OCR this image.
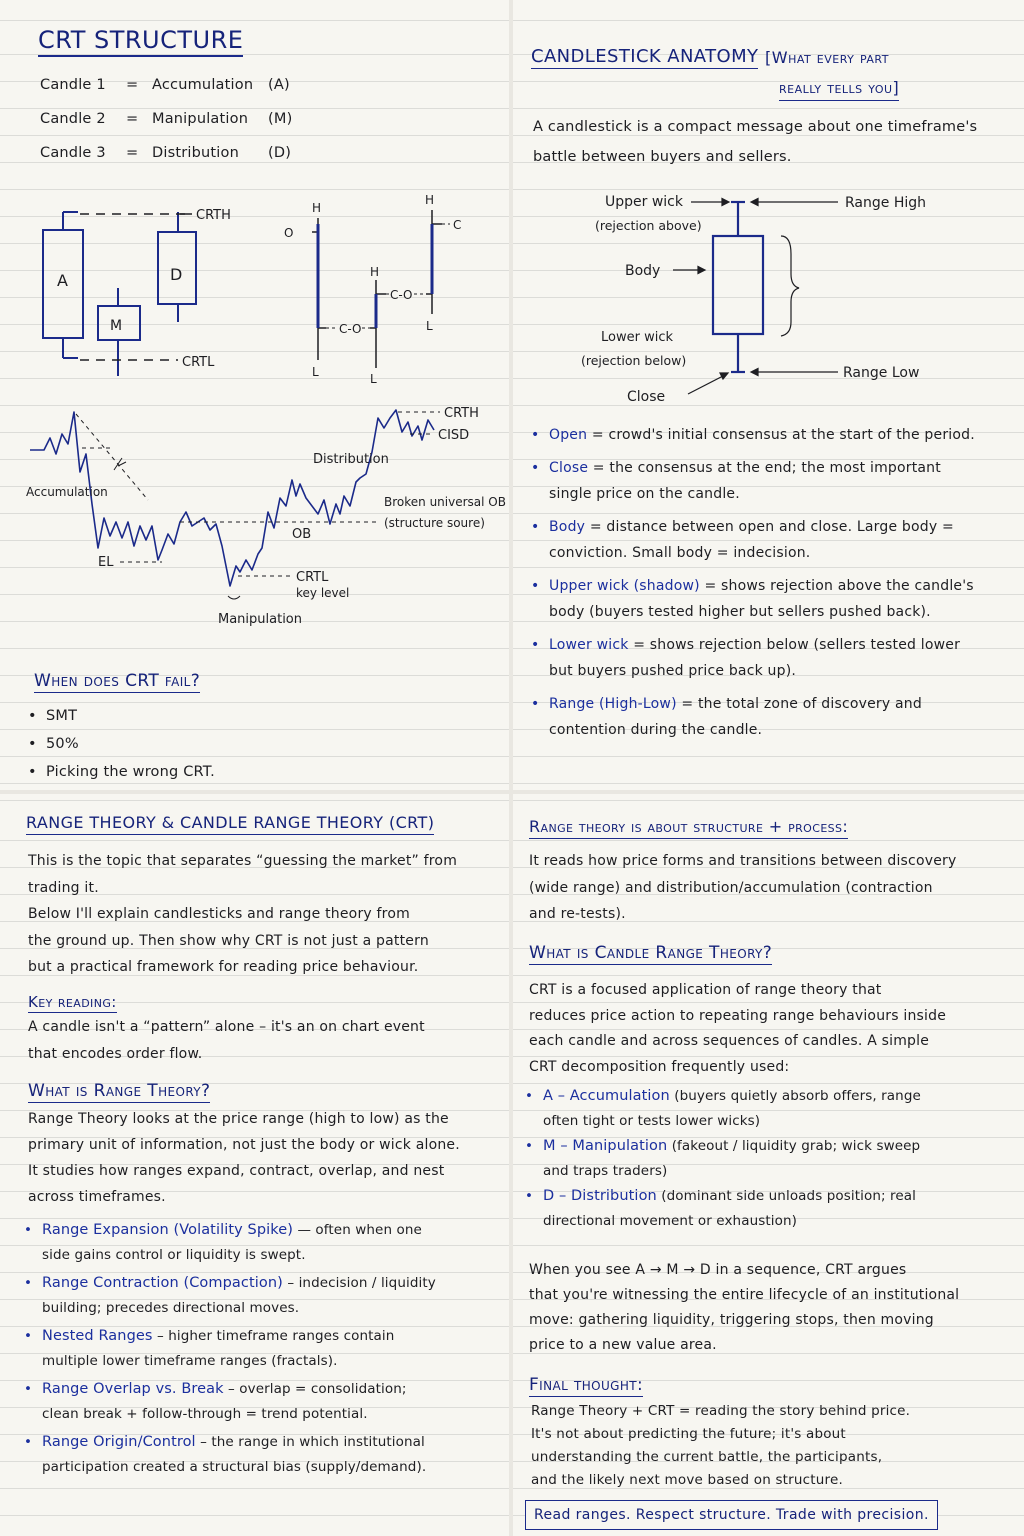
CRT STRUCTURE
Candle 1	= Accumulation	(A)
Candle 2	= Manipulation	(M)
Candle 3	= Distribution	(D)
A
M
D
CRTH
CRTL
H
O
L
C-O
H
L
C-O
H
C
L
Accumulation
Distribution
EL
OB
CRTH
CISD
Broken universal OB
(structure soure)
CRTL
key level
Manipulation
When does CRT fail?
• SMT
• 50%
• Picking the wrong CRT.
CANDLESTICK ANATOMY [What every part
really tells you]
A candlestick is a compact message about one timeframe's
battle between buyers and sellers.
Upper wick
(rejection above)
Body
Lower wick
(rejection below)
Close
Range High
Range Low
• Open = crowd's initial consensus at the start of the period.
• Close = the consensus at the end; the most important
single price on the candle.
• Body = distance between open and close. Large body =
conviction. Small body = indecision.
• Upper wick (shadow) = shows rejection above the candle's
body (buyers tested higher but sellers pushed back).
• Lower wick = shows rejection below (sellers tested lower
but buyers pushed price back up).
• Range (High-Low) = the total zone of discovery and
contention during the candle.
RANGE THEORY & CANDLE RANGE THEORY (CRT)
This is the topic that separates “guessing the market” from
trading it.
Below I'll explain candlesticks and range theory from
the ground up. Then show why CRT is not just a pattern
but a practical framework for reading price behaviour.
Key reading:
A candle isn't a “pattern” alone – it's an on chart event
that encodes order flow.
What is Range Theory?
Range Theory looks at the price range (high to low) as the
primary unit of information, not just the body or wick alone.
It studies how ranges expand, contract, overlap, and nest
across timeframes.
• Range Expansion (Volatility Spike) — often when one
side gains control or liquidity is swept.
• Range Contraction (Compaction) – indecision / liquidity
building; precedes directional moves.
• Nested Ranges – higher timeframe ranges contain
multiple lower timeframe ranges (fractals).
• Range Overlap vs. Break – overlap = consolidation;
clean break + follow-through = trend potential.
• Range Origin/Control – the range in which institutional
participation created a structural bias (supply/demand).
Range theory is about structure + process:
It reads how price forms and transitions between discovery
(wide range) and distribution/accumulation (contraction
and re-tests).
What is Candle Range Theory?
CRT is a focused application of range theory that
reduces price action to repeating range behaviours inside
each candle and across sequences of candles. A simple
CRT decomposition frequently used:
• A – Accumulation (buyers quietly absorb offers, range
often tight or tests lower wicks)
• M – Manipulation (fakeout / liquidity grab; wick sweep
and traps traders)
• D – Distribution (dominant side unloads position; real
directional movement or exhaustion)
When you see A → M → D in a sequence, CRT argues
that you're witnessing the entire lifecycle of an institutional
move: gathering liquidity, triggering stops, then moving
price to a new value area.
Final thought:
Range Theory + CRT = reading the story behind price.
It's not about predicting the future; it's about
understanding the current battle, the participants,
and the likely next move based on structure.
Read ranges. Respect structure. Trade with precision.
